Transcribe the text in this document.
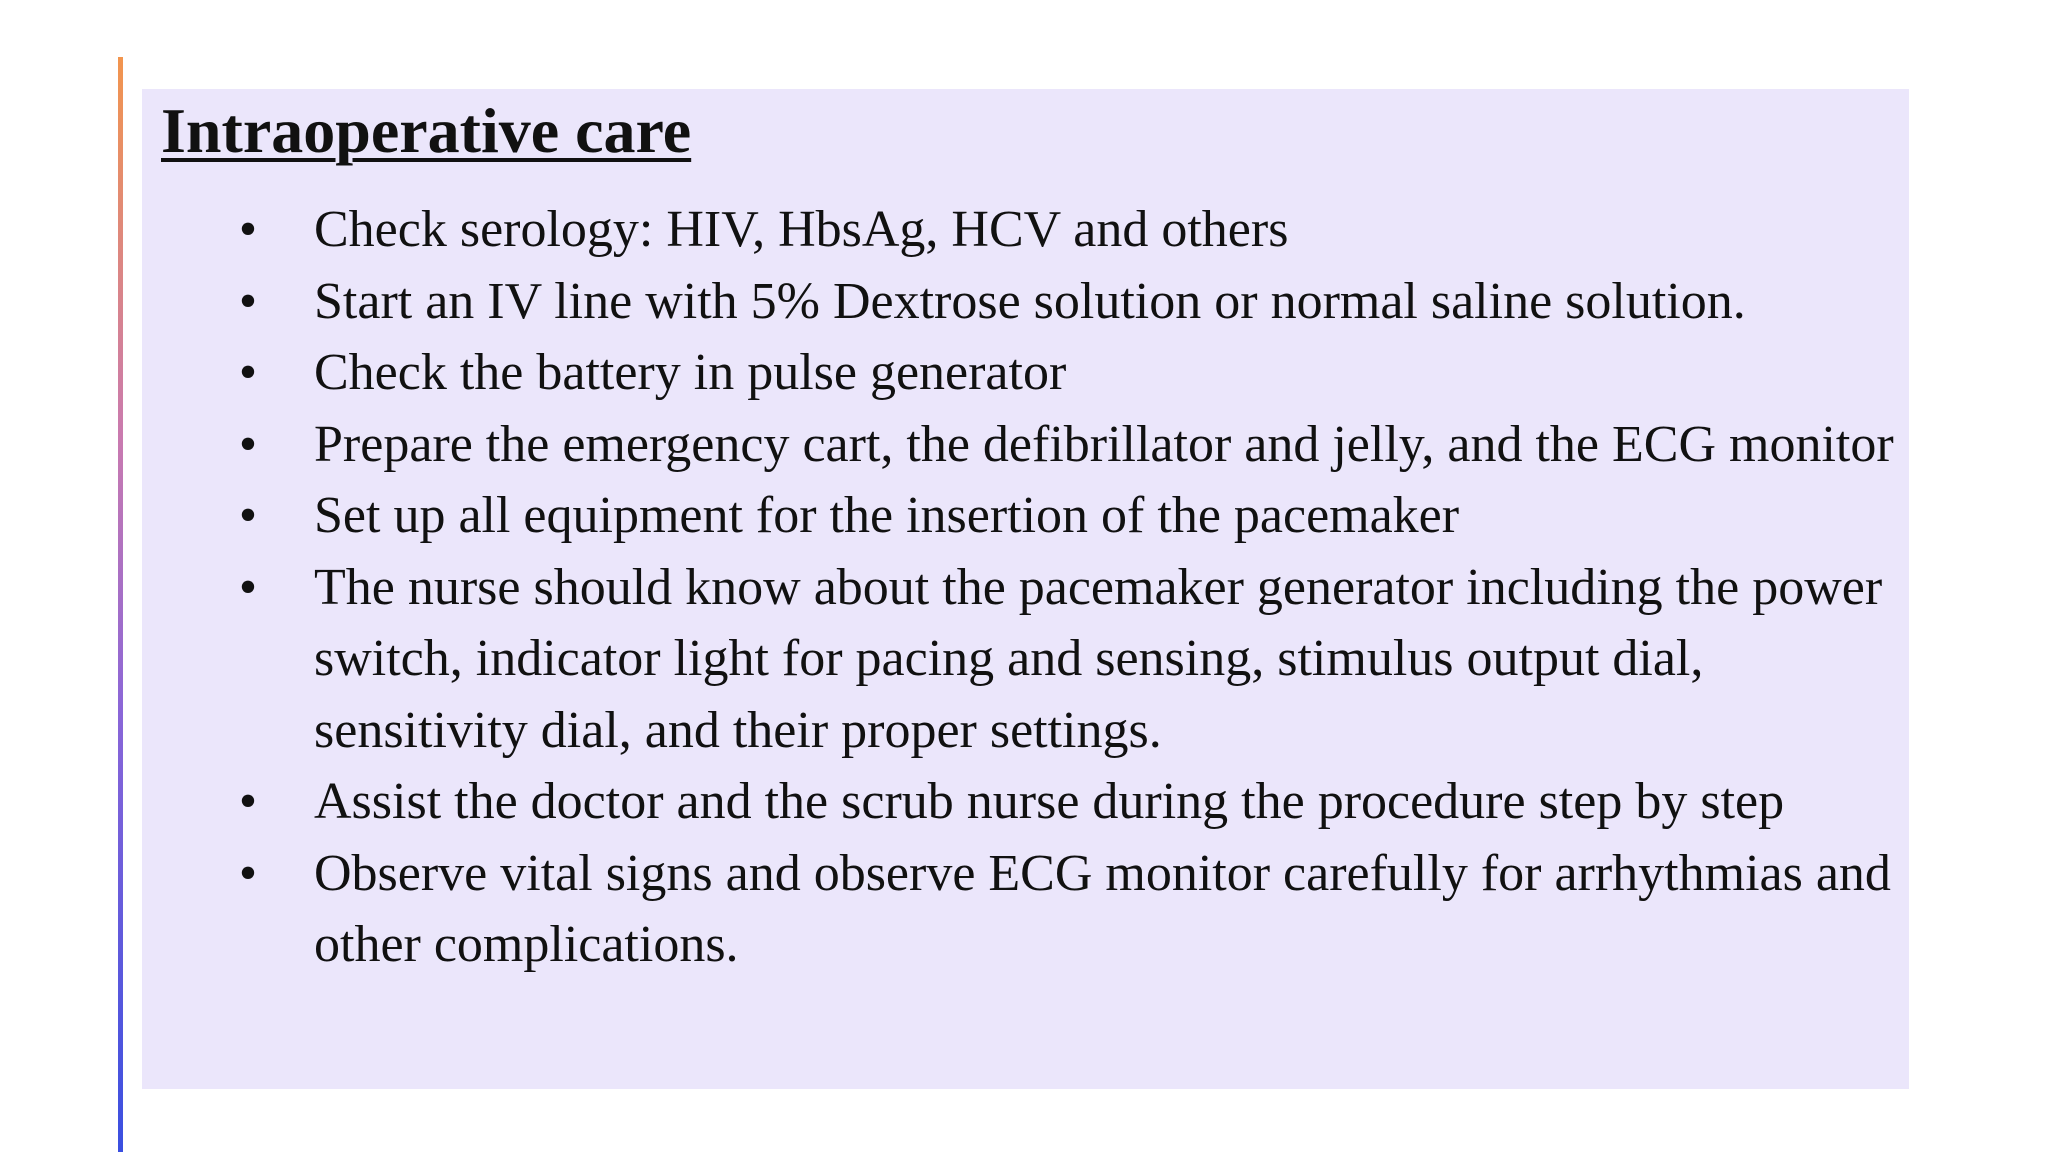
Intraoperative care
• Check serology: HIV, HbsAg, HCV and others
• Start an IV line with 5% Dextrose solution or normal saline solution.
• Check the battery in pulse generator
• Prepare the emergency cart, the defibrillator and jelly, and the ECG monitor
• Set up all equipment for the insertion of the pacemaker
• The nurse should know about the pacemaker generator including the power switch, indicator light for pacing and sensing, stimulus output dial, sensitivity dial, and their proper settings.
• Assist the doctor and the scrub nurse during the procedure step by step
• Observe vital signs and observe ECG monitor carefully for arrhythmias and other complications.
